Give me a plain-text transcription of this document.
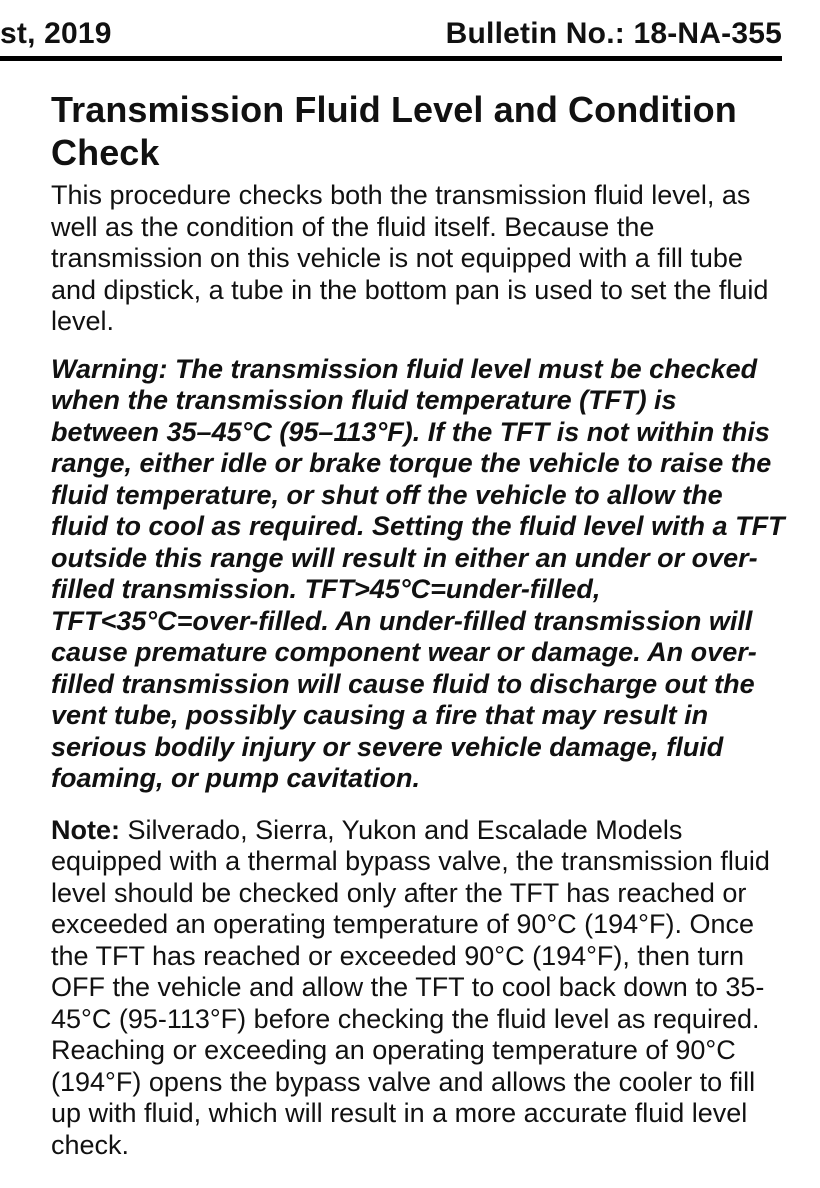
st, 2019	Bulletin No.: 18-NA-355
Transmission Fluid Level and Condition Check

This procedure checks both the transmission fluid level, as well as the condition of the fluid itself. Because the transmission on this vehicle is not equipped with a fill tube and dipstick, a tube in the bottom pan is used to set the fluid level.

Warning: The transmission fluid level must be checked when the transmission fluid temperature (TFT) is between 35–45°C (95–113°F). If the TFT is not within this range, either idle or brake torque the vehicle to raise the fluid temperature, or shut off the vehicle to allow the fluid to cool as required. Setting the fluid level with a TFT outside this range will result in either an under or over-filled transmission. TFT>45°C=under-filled, TFT<35°C=over-filled. An under-filled transmission will cause premature component wear or damage. An over-filled transmission will cause fluid to discharge out the vent tube, possibly causing a fire that may result in serious bodily injury or severe vehicle damage, fluid foaming, or pump cavitation.

Note: Silverado, Sierra, Yukon and Escalade Models equipped with a thermal bypass valve, the transmission fluid level should be checked only after the TFT has reached or exceeded an operating temperature of 90°C (194°F). Once the TFT has reached or exceeded 90°C (194°F), then turn OFF the vehicle and allow the TFT to cool back down to 35-45°C (95-113°F) before checking the fluid level as required. Reaching or exceeding an operating temperature of 90°C (194°F) opens the bypass valve and allows the cooler to fill up with fluid, which will result in a more accurate fluid level check.
